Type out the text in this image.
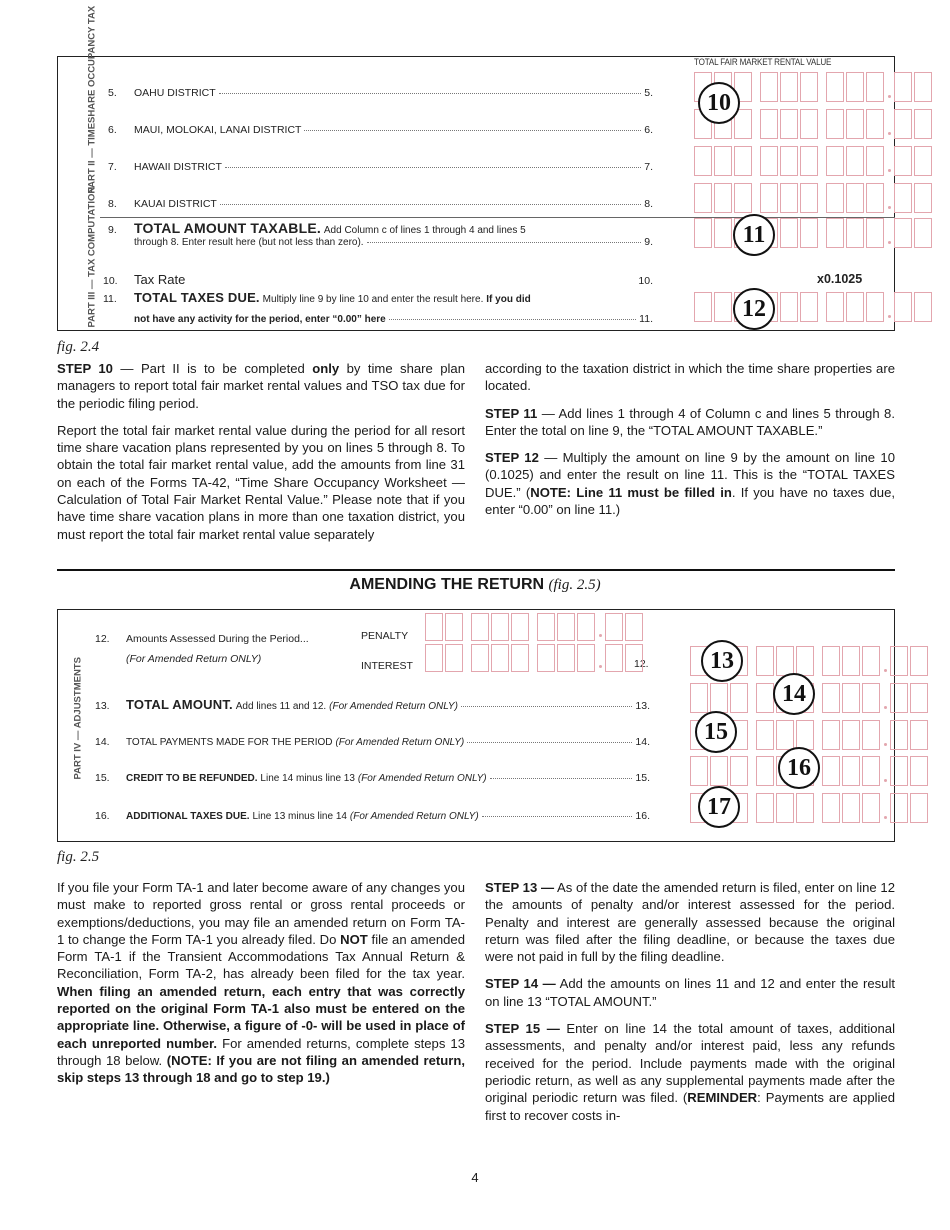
TOTAL FAIR MARKET RENTAL VALUE
PART II — TIMESHARE OCCUPANCY TAX
PART III — TAX COMPUTATION
5.	OAHU DISTRICT	5.
6.	MAUI, MOLOKAI, LANAI DISTRICT	6.
7.	HAWAII DISTRICT	7.
8.	KAUAI DISTRICT	8.
9.	TOTAL AMOUNT TAXABLE.
Add Column c of lines 1 through 4 and lines 5
through 8. Enter result here (but not less than zero).	9.
10.	Tax Rate	10.	x0.1025
11.	TOTAL TAXES DUE.
Multiply line 9 by line 10 and enter the result here.
If you did
not have any activity for the period, enter “0.00” here	11.
10
11
12
fig. 2.4

STEP 10 — Part II is to be completed only by time share plan managers to report total fair market rental values and TSO tax due for the periodic filing period.

Report the total fair market rental value during the period for all resort time share vacation plans represented by you on lines 5 through 8. To obtain the total fair market rental value, add the amounts from line 31 on each of the Forms TA-42, “Time Share Occupancy Worksheet — Calculation of Total Fair Market Rental Value.” Please note that if you have time share vacation plans in more than one taxation district, you must report the total fair market rental value separately

according to the taxation district in which the time share properties are located.

STEP 11 — Add lines 1 through 4 of Column c and lines 5 through 8. Enter the total on line 9, the “TOTAL AMOUNT TAXABLE.”

STEP 12 — Multiply the amount on line 9 by the amount on line 10 (0.1025) and enter the result on line 11. This is the “TOTAL TAXES DUE.” (NOTE: Line 11 must be filled in. If you have no taxes due, enter “0.00” on line 11.)

AMENDING THE RETURN (fig. 2.5)
PART IV — ADJUSTMENTS
12.	Amounts Assessed During the Period...
(For Amended Return ONLY)
PENALTY
INTEREST	12.
13.	TOTAL AMOUNT.
Add lines 11 and 12.
(For Amended Return ONLY)	13.
14.	TOTAL PAYMENTS MADE FOR THE PERIOD
(For Amended Return ONLY)	14.
15.	CREDIT TO BE REFUNDED.
Line 14 minus line 13
(For Amended Return ONLY)	15.
16.	ADDITIONAL TAXES DUE.
Line 13 minus line 14
(For Amended Return ONLY)	16.
13
14
15
16
17
fig. 2.5

If you file your Form TA-1 and later become aware of any changes you must make to reported gross rental or gross rental proceeds or exemptions/deductions, you may file an amended return on Form TA-1 to change the Form TA-1 you already filed. Do NOT file an amended Form TA-1 if the Transient Accommodations Tax Annual Return & Reconciliation, Form TA-2, has already been filed for the tax year. When filing an amended return, each entry that was correctly reported on the original Form TA-1 also must be entered on the appropriate line. Otherwise, a figure of -0- will be used in place of each unreported number. For amended returns, complete steps 13 through 18 below. (NOTE: If you are not filing an amended return, skip steps 13 through 18 and go to step 19.)

STEP 13 — As of the date the amended return is filed, enter on line 12 the amounts of penalty and/or interest assessed for the period. Penalty and interest are generally assessed because the original return was filed after the filing deadline, or because the taxes due were not paid in full by the filing deadline.

STEP 14 — Add the amounts on lines 11 and 12 and enter the result on line 13 “TOTAL AMOUNT.”

STEP 15 — Enter on line 14 the total amount of taxes, additional assessments, and penalty and/or interest paid, less any refunds received for the period. Include payments made with the original periodic return, as well as any supplemental payments made after the original periodic return was filed. (REMINDER: Payments are applied first to recover costs in-

4
